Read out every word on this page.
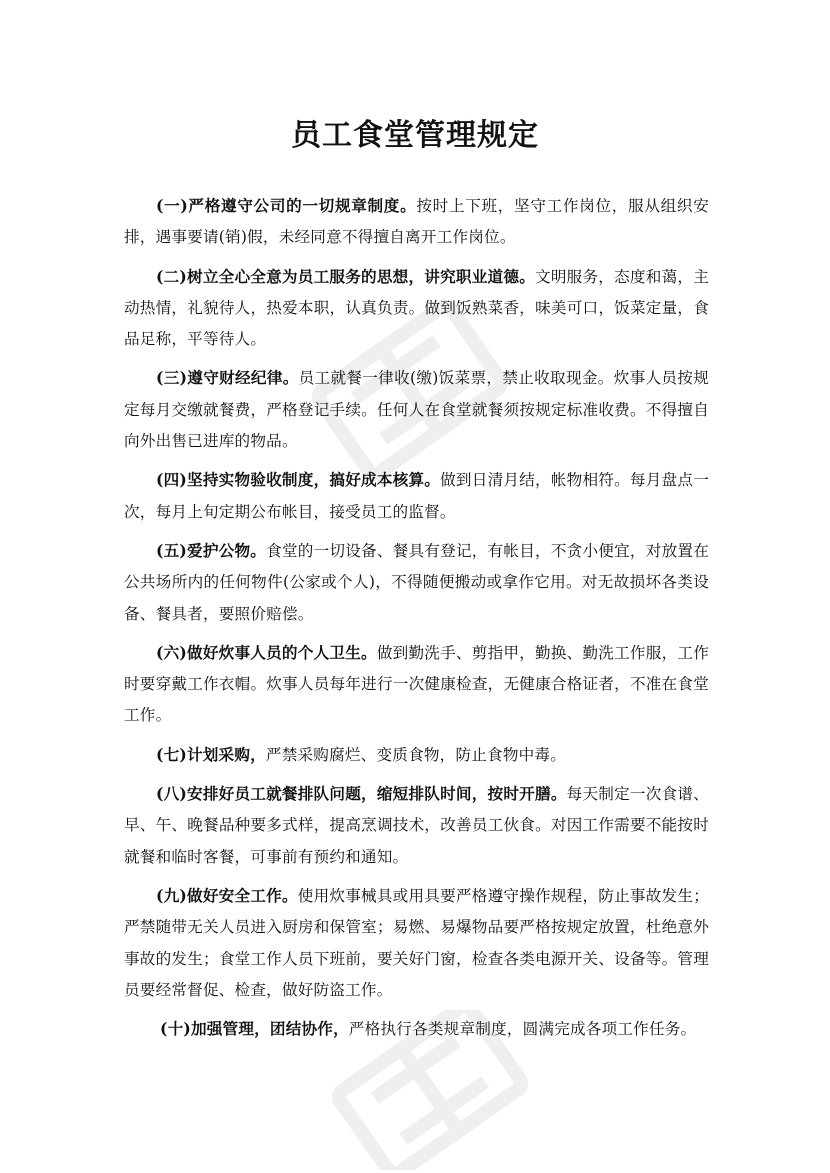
员工食堂管理规定

(一)严格遵守公司的一切规章制度。按时上下班，坚守工作岗位，服从组织安排，遇事要请(销)假，未经同意不得擅自离开工作岗位。

(二)树立全心全意为员工服务的思想，讲究职业道德。文明服务，态度和蔼，主动热情，礼貌待人，热爱本职，认真负责。做到饭熟菜香，味美可口，饭菜定量，食品足称，平等待人。

(三)遵守财经纪律。员工就餐一律收(缴)饭菜票，禁止收取现金。炊事人员按规定每月交缴就餐费，严格登记手续。任何人在食堂就餐须按规定标准收费。不得擅自向外出售已进库的物品。

(四)坚持实物验收制度，搞好成本核算。做到日清月结，帐物相符。每月盘点一次，每月上旬定期公布帐目，接受员工的监督。

(五)爱护公物。食堂的一切设备、餐具有登记，有帐目，不贪小便宜，对放置在公共场所内的任何物件(公家或个人)，不得随便搬动或拿作它用。对无故损坏各类设备、餐具者，要照价赔偿。

(六)做好炊事人员的个人卫生。做到勤洗手、剪指甲，勤换、勤洗工作服，工作时要穿戴工作衣帽。炊事人员每年进行一次健康检查，无健康合格证者，不准在食堂工作。

(七)计划采购，严禁采购腐烂、变质食物，防止食物中毒。

(八)安排好员工就餐排队问题，缩短排队时间，按时开膳。每天制定一次食谱、早、午、晚餐品种要多式样，提高烹调技术，改善员工伙食。对因工作需要不能按时就餐和临时客餐，可事前有预约和通知。

(九)做好安全工作。使用炊事械具或用具要严格遵守操作规程，防止事故发生；严禁随带无关人员进入厨房和保管室；易燃、易爆物品要严格按规定放置，杜绝意外事故的发生；食堂工作人员下班前，要关好门窗，检查各类电源开关、设备等。管理员要经常督促、检查，做好防盗工作。

(十)加强管理，团结协作，严格执行各类规章制度，圆满完成各项工作任务。
